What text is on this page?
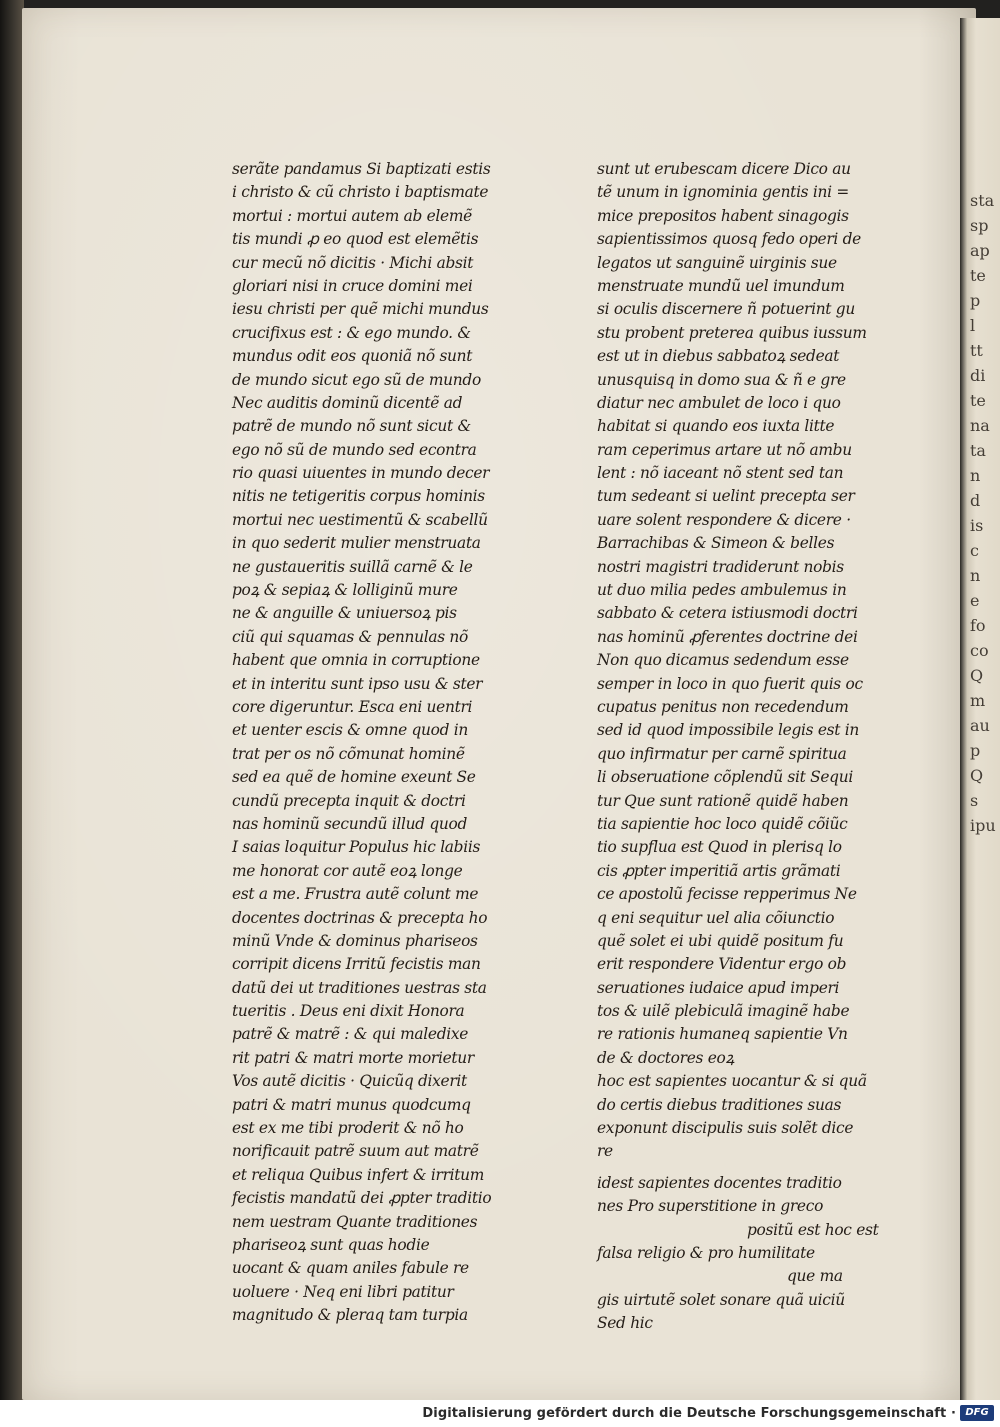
sta
sp
ap
te
p
l
tt
di
te
na
ta
n
d
is
c
n
e
fo
co
Q
m
au
p
Q
s
ipu
serãte pandamus Si baptizati estis
i christo & cũ christo i baptismate
mortui : mortui autem ab elemẽ
tis mundi ꝓ eo quod est elemẽtis
cur mecũ nõ dicitis · Michi absit
gloriari nisi in cruce domini mei
iesu christi per quẽ michi mundus
crucifixus est : & ego mundo. &
mundus odit eos quoniã nõ sunt
de mundo sicut ego sũ de mundo
Nec auditis dominũ dicentẽ ad
patrẽ de mundo nõ sunt sicut &
ego nõ sũ de mundo sed econtra
rio quasi uiuentes in mundo decer
nitis ne tetigeritis corpus hominis
mortui nec uestimentũ & scabellũ
in quo sederit mulier menstruata
ne gustaueritis suillã carnẽ & le
poꝝ & sepiaꝝ & lolliginũ mure
ne & anguille & uniuersoꝝ pis
ciũ qui squamas & pennulas nõ
habent que omnia in corruptione
et in interitu sunt ipso usu & ster
core digeruntur. Esca eni uentri
et uenter escis & omne quod in
trat per os nõ cõmunat hominẽ
sed ea quẽ de homine exeunt Se
cundũ precepta inquit & doctri
nas hominũ secundũ illud quod
I saias loquitur Populus hic labiis
me honorat cor autẽ eoꝝ longe
est a me. Frustra autẽ colunt me
docentes doctrinas & precepta ho
minũ Vnde & dominus phariseos
corripit dicens Irritũ fecistis man
datũ dei ut traditiones uestras sta
tueritis . Deus eni dixit Honora
patrẽ & matrẽ : & qui maledixe
rit patri & matri morte morietur
Vos autẽ dicitis · Quicũq dixerit
patri & matri munus quodcumq
est ex me tibi proderit & nõ ho
norificauit patrẽ suum aut matrẽ
et reliqua Quibus infert & irritum
fecistis mandatũ dei ꝓpter traditio
nem uestram Quante traditiones
phariseoꝝ sunt quas hodie
uocant & quam aniles fabule re
uoluere · Neq eni libri patitur
magnitudo & pleraq tam turpia
sunt ut erubescam dicere Dico au
tẽ unum in ignominia gentis ini =
mice prepositos habent sinagogis
sapientissimos quosq fedo operi de
legatos ut sanguinẽ uirginis sue
menstruate mundũ uel imundum
si oculis discernere ñ potuerint gu
stu probent preterea quibus iussum
est ut in diebus sabbatoꝝ sedeat
unusquisq in domo sua & ñ e gre
diatur nec ambulet de loco i quo
habitat si quando eos iuxta litte
ram ceperimus artare ut nõ ambu
lent : nõ iaceant nõ stent sed tan
tum sedeant si uelint precepta ser
uare solent respondere & dicere ·
Barrachibas & Simeon & belles
nostri magistri tradiderunt nobis
ut duo milia pedes ambulemus in
sabbato & cetera istiusmodi doctri
nas hominũ ꝓferentes doctrine dei
Non quo dicamus sedendum esse
semper in loco in quo fuerit quis oc
cupatus penitus non recedendum
sed id quod impossibile legis est in
quo infirmatur per carnẽ spiritua
li obseruatione cõplendũ sit Sequi
tur Que sunt rationẽ quidẽ haben
tia sapientie hoc loco quidẽ cõiũc
tio supflua est Quod in plerisq lo
cis ꝓpter imperitiã artis grãmati
ce apostolũ fecisse repperimus Ne
q eni sequitur uel alia cõiunctio
quẽ solet ei ubi quidẽ positum fu
erit respondere Videntur ergo ob
seruationes iudaice apud imperi
tos & uilẽ plebiculã imaginẽ habe
re rationis humaneq sapientie Vn
de & doctores eoꝝ
hoc est sapientes uocantur & si quã
do certis diebus traditiones suas
exponunt discipulis suis solẽt dice
re
idest sapientes docentes traditio
nes Pro superstitione in greco
positũ est hoc est
falsa religio & pro humilitate
que ma
gis uirtutẽ solet sonare quã uiciũ
Sed hic
Digitalisierung gefördert durch die Deutsche Forschungsgemeinschaft · DFG
